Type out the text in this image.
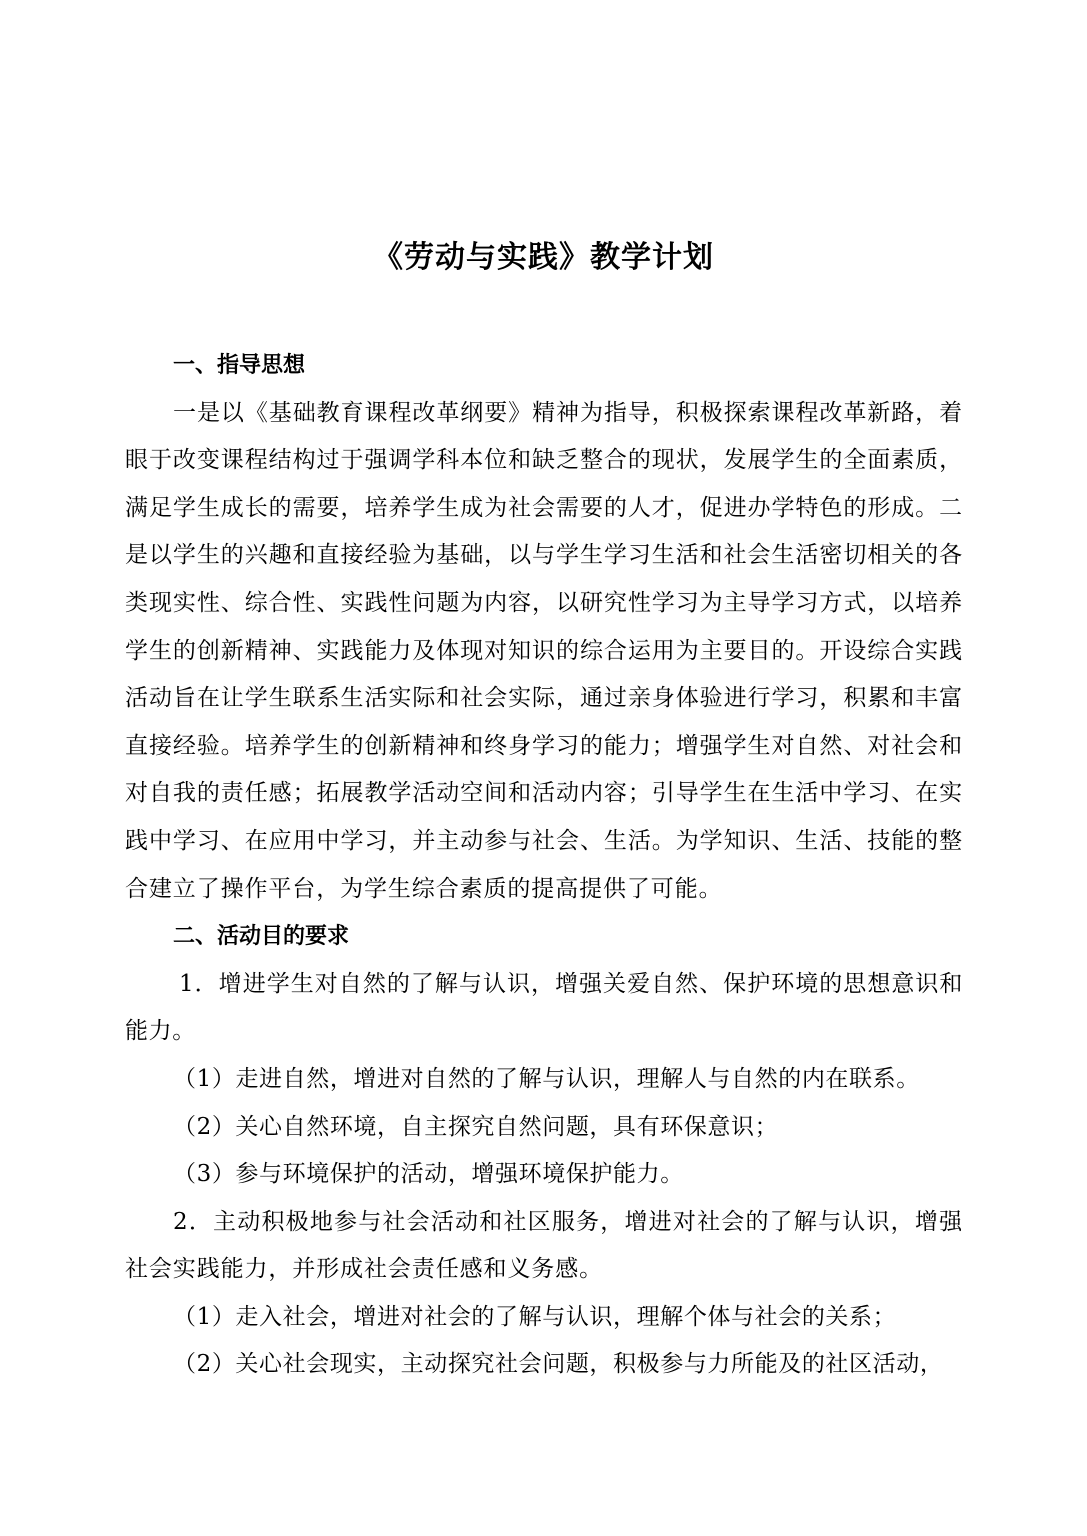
《劳动与实践》教学计划

一、指导思想

一是以《基础教育课程改革纲要》精神为指导，积极探索课程改革新路，着眼于改变课程结构过于强调学科本位和缺乏整合的现状，发展学生的全面素质，满足学生成长的需要，培养学生成为社会需要的人才，促进办学特色的形成。二是以学生的兴趣和直接经验为基础，以与学生学习生活和社会生活密切相关的各类现实性、综合性、实践性问题为内容，以研究性学习为主导学习方式，以培养学生的创新精神、实践能力及体现对知识的综合运用为主要目的。开设综合实践活动旨在让学生联系生活实际和社会实际，通过亲身体验进行学习，积累和丰富直接经验。培养学生的创新精神和终身学习的能力；增强学生对自然、对社会和对自我的责任感；拓展教学活动空间和活动内容；引导学生在生活中学习、在实践中学习、在应用中学习，并主动参与社会、生活。为学知识、生活、技能的整合建立了操作平台，为学生综合素质的提高提供了可能。

二、活动目的要求

1．增进学生对自然的了解与认识，增强关爱自然、保护环境的思想意识和能力。

（1）走进自然，增进对自然的了解与认识，理解人与自然的内在联系。

（2）关心自然环境，自主探究自然问题，具有环保意识；

（3）参与环境保护的活动，增强环境保护能力。

2．主动积极地参与社会活动和社区服务，增进对社会的了解与认识，增强社会实践能力，并形成社会责任感和义务感。

（1）走入社会，增进对社会的了解与认识，理解个体与社会的关系；

（2）关心社会现实，主动探究社会问题，积极参与力所能及的社区活动，
